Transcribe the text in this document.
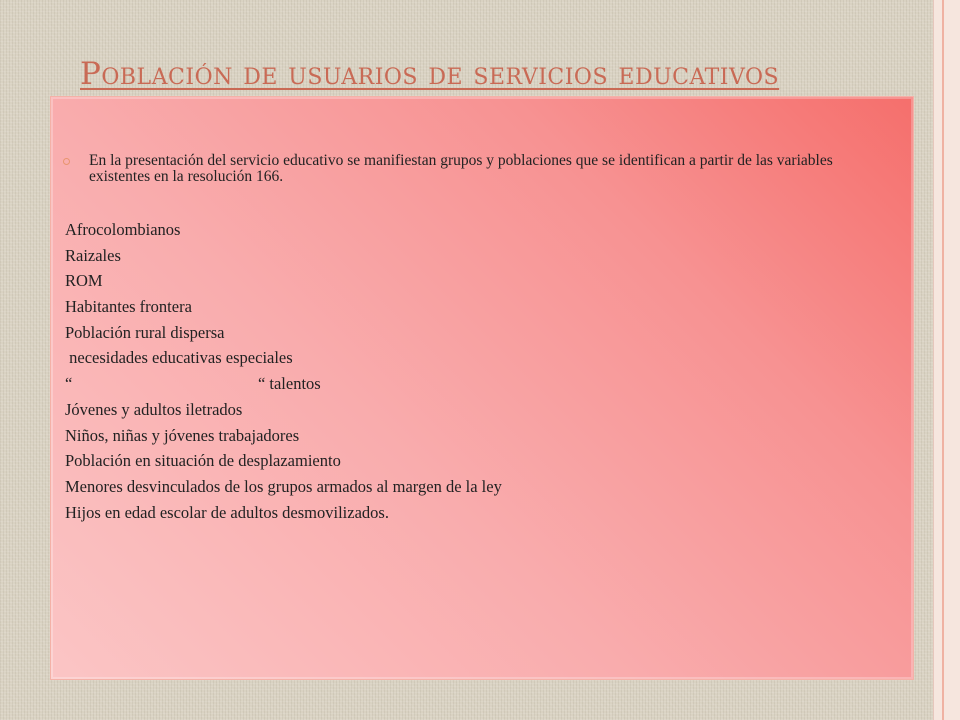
Población de usuarios de servicios educativos
En la presentación del servicio educativo se manifiestan grupos y poblaciones que se identifican a partir de las variables existentes en la resolución 166.
Afrocolombianos
Raizales
ROM
Habitantes frontera
Población rural dispersa
necesidades educativas especiales
“                                             “ talentos
Jóvenes y adultos iletrados
Niños, niñas y jóvenes trabajadores
Población en situación de desplazamiento
Menores desvinculados de los grupos armados al margen de la ley
Hijos en edad escolar de adultos desmovilizados.
